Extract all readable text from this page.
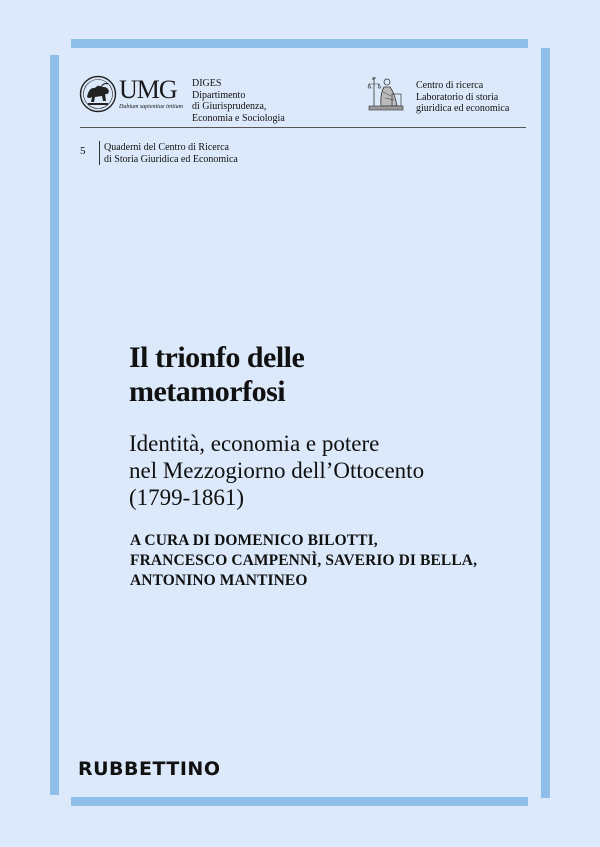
UMG
Dubium sapientiae initium
DIGES
Dipartimento
di Giurisprudenza,
Economia e Sociologia
Centro di ricerca
Laboratorio di storia
giuridica ed economica
5 Quaderni del Centro di Ricerca
di Storia Giuridica ed Economica
Il trionfo delle
metamorfosi
Identità, economia e potere
nel Mezzogiorno dell’Ottocento
(1799-1861)
A CURA DI DOMENICO BILOTTI,
FRANCESCO CAMPENNÌ, SAVERIO DI BELLA,
ANTONINO MANTINEO
RUBBETTINO
